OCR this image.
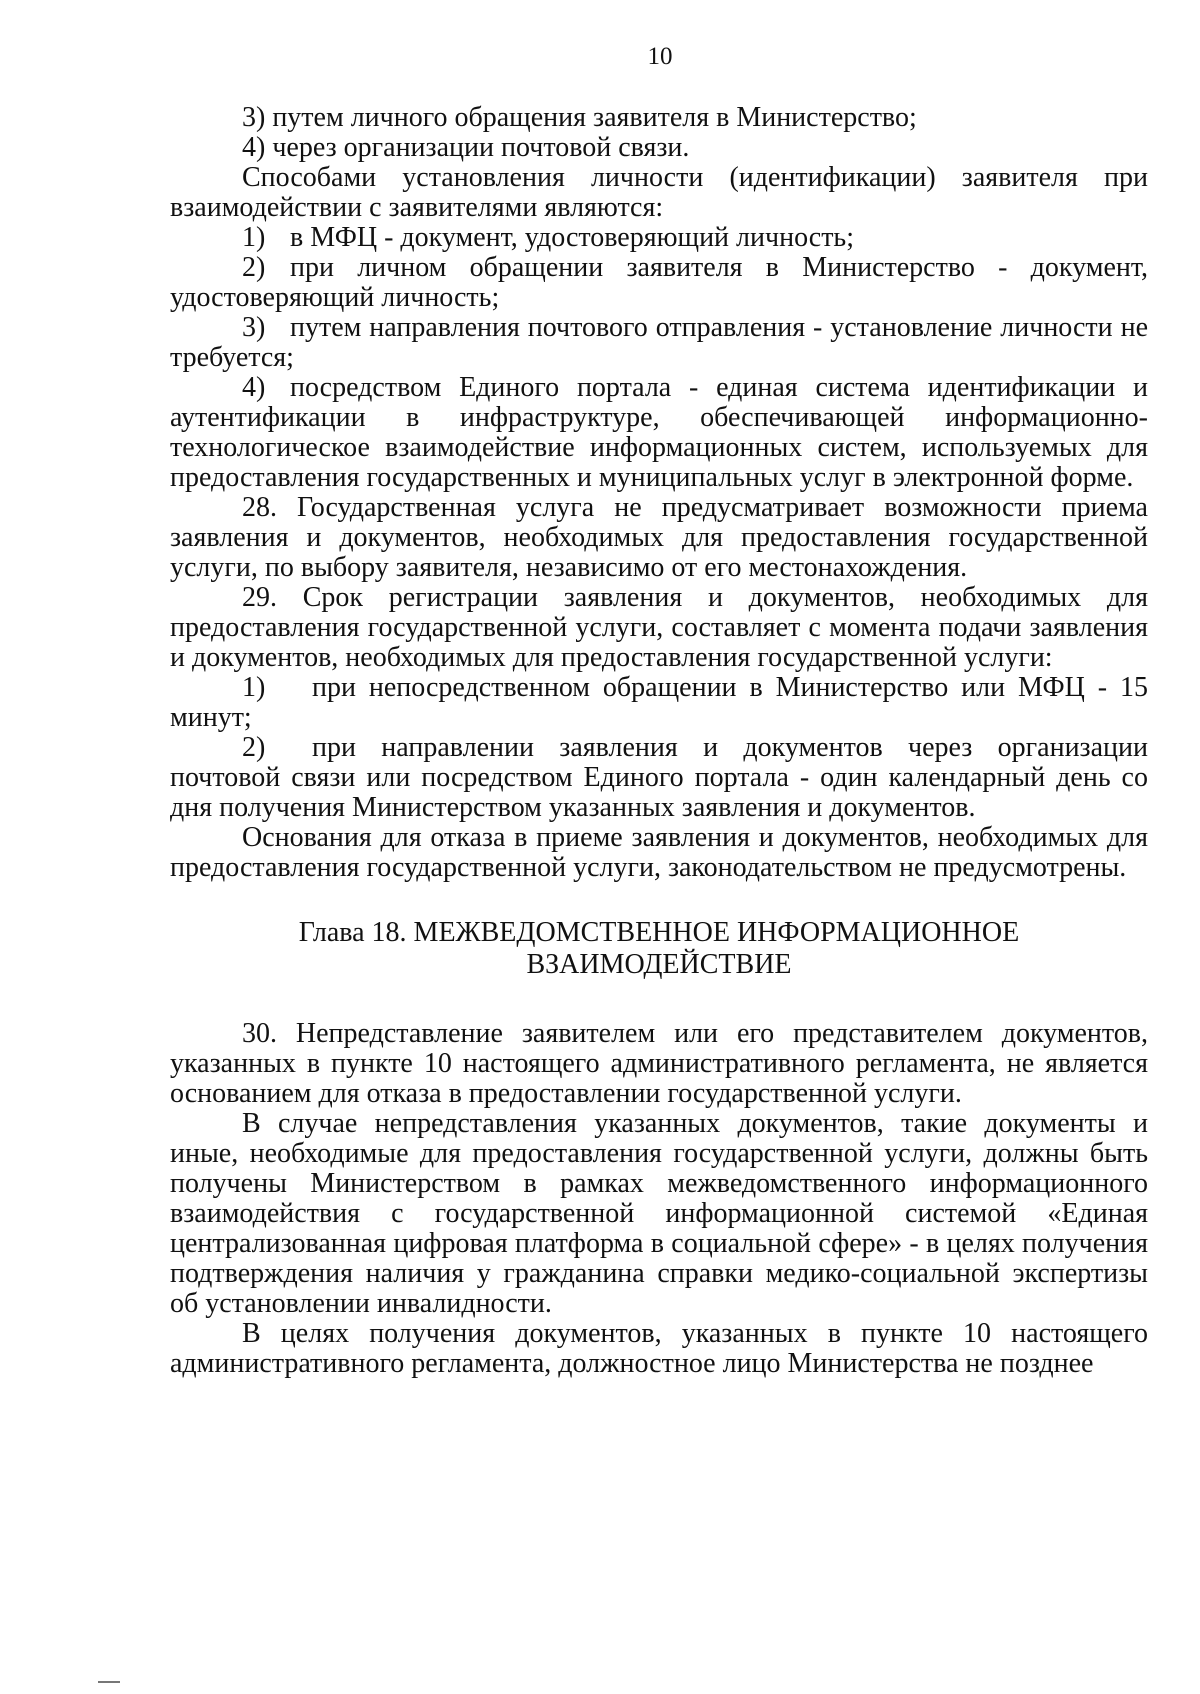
10

3) путем личного обращения заявителя в Министерство;

4) через организации почтовой связи.

Способами установления личности (идентификации) заявителя при взаимодействии с заявителями являются:

1) в МФЦ - документ, удостоверяющий личность;

2) при личном обращении заявителя в Министерство - документ, удостоверяющий личность;

3) путем направления почтового отправления - установление личности не требуется;

4) посредством Единого портала - единая система идентификации и аутентификации в инфраструктуре, обеспечивающей информационно-технологическое взаимодействие информационных систем, используемых для предоставления государственных и муниципальных услуг в электронной форме.

28. Государственная услуга не предусматривает возможности приема заявления и документов, необходимых для предоставления государственной услуги, по выбору заявителя, независимо от его местонахождения.

29. Срок регистрации заявления и документов, необходимых для предоставления государственной услуги, составляет с момента подачи заявления и документов, необходимых для предоставления государственной услуги:

1) при непосредственном обращении в Министерство или МФЦ - 15 минут;

2) при направлении заявления и документов через организации почтовой связи или посредством Единого портала - один календарный день со дня получения Министерством указанных заявления и документов.

Основания для отказа в приеме заявления и документов, необходимых для предоставления государственной услуги, законодательством не предусмотрены.

Глава 18. МЕЖВЕДОМСТВЕННОЕ ИНФОРМАЦИОННОЕ
ВЗАИМОДЕЙСТВИЕ

30. Непредставление заявителем или его представителем документов, указанных в пункте 10 настоящего административного регламента, не является основанием для отказа в предоставлении государственной услуги.

В случае непредставления указанных документов, такие документы и иные, необходимые для предоставления государственной услуги, должны быть получены Министерством в рамках межведомственного информационного взаимодействия с государственной информационной системой «Единая централизованная цифровая платформа в социальной сфере» - в целях получения подтверждения наличия у гражданина справки медико-социальной экспертизы об установлении инвалидности.

В целях получения документов, указанных в пункте 10 настоящего административного регламента, должностное лицо Министерства не позднее
